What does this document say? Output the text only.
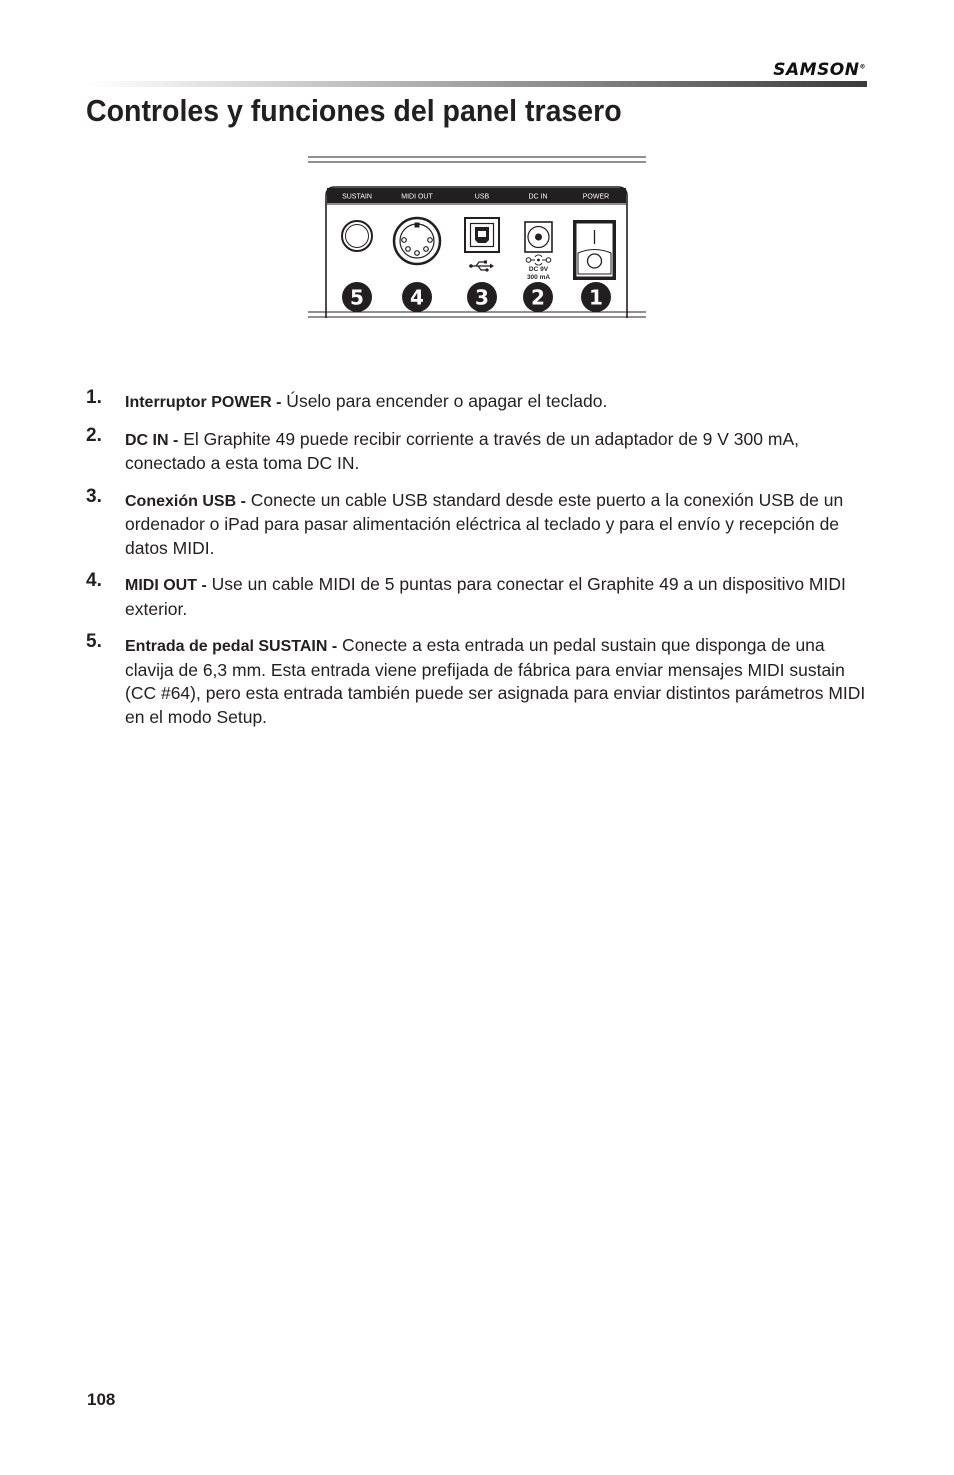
SAMSON®
Controles y funciones del panel trasero
SUSTAIN	MIDI OUT	USB	DC IN	POWER
DC 9V
300 mA
5 4	3 2 1
1. Interruptor POWER - Úselo para encender o apagar el teclado.
2. DC IN - El Graphite 49 puede recibir corriente a través de un adaptador de 9 V 300 mA, conectado a esta toma DC IN.
3. Conexión USB - Conecte un cable USB standard desde este puerto a la conexión USB de un ordenador o iPad para pasar alimentación eléctrica al teclado y para el envío y recepción de datos MIDI.
4. MIDI OUT - Use un cable MIDI de 5 puntas para conectar el Graphite 49 a un dispositivo MIDI exterior.
5. Entrada de pedal SUSTAIN - Conecte a esta entrada un pedal sustain que disponga de una clavija de 6,3 mm. Esta entrada viene prefijada de fábrica para enviar mensajes MIDI sustain (CC #64), pero esta entrada también puede ser asignada para enviar distintos parámetros MIDI en el modo Setup.
108
